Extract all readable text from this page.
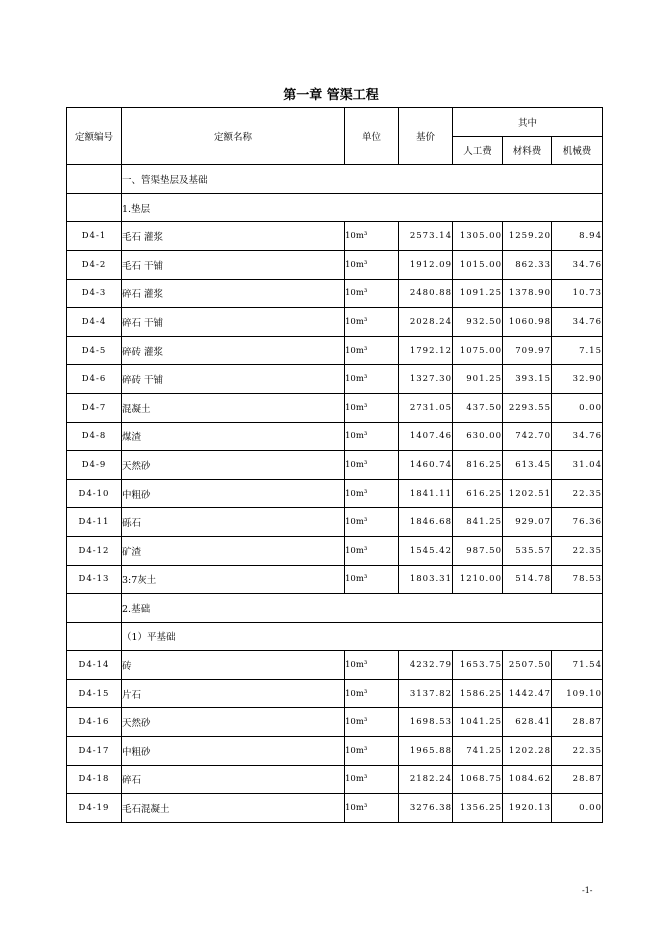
第一章 管渠工程
定额编号	定额名称	单位	基价	其中		
				人工费	材料费	机械费
	一、管渠垫层及基础					
	1.垫层					
D4-1	毛石 灌浆	10m³	2573.14	1305.00	1259.20	8.94
D4-2	毛石 干铺	10m³	1912.09	1015.00	862.33	34.76
D4-3	碎石 灌浆	10m³	2480.88	1091.25	1378.90	10.73
D4-4	碎石 干铺	10m³	2028.24	932.50	1060.98	34.76
D4-5	碎砖 灌浆	10m³	1792.12	1075.00	709.97	7.15
D4-6	碎砖 干铺	10m³	1327.30	901.25	393.15	32.90
D4-7	混凝土	10m³	2731.05	437.50	2293.55	0.00
D4-8	煤渣	10m³	1407.46	630.00	742.70	34.76
D4-9	天然砂	10m³	1460.74	816.25	613.45	31.04
D4-10	中粗砂	10m³	1841.11	616.25	1202.51	22.35
D4-11	砾石	10m³	1846.68	841.25	929.07	76.36
D4-12	矿渣	10m³	1545.42	987.50	535.57	22.35
D4-13	3:7灰土	10m³	1803.31	1210.00	514.78	78.53
	2.基础					
	（1）平基础					
D4-14	砖	10m³	4232.79	1653.75	2507.50	71.54
D4-15	片石	10m³	3137.82	1586.25	1442.47	109.10
D4-16	天然砂	10m³	1698.53	1041.25	628.41	28.87
D4-17	中粗砂	10m³	1965.88	741.25	1202.28	22.35
D4-18	碎石	10m³	2182.24	1068.75	1084.62	28.87
D4-19	毛石混凝土	10m³	3276.38	1356.25	1920.13	0.00
-1-
